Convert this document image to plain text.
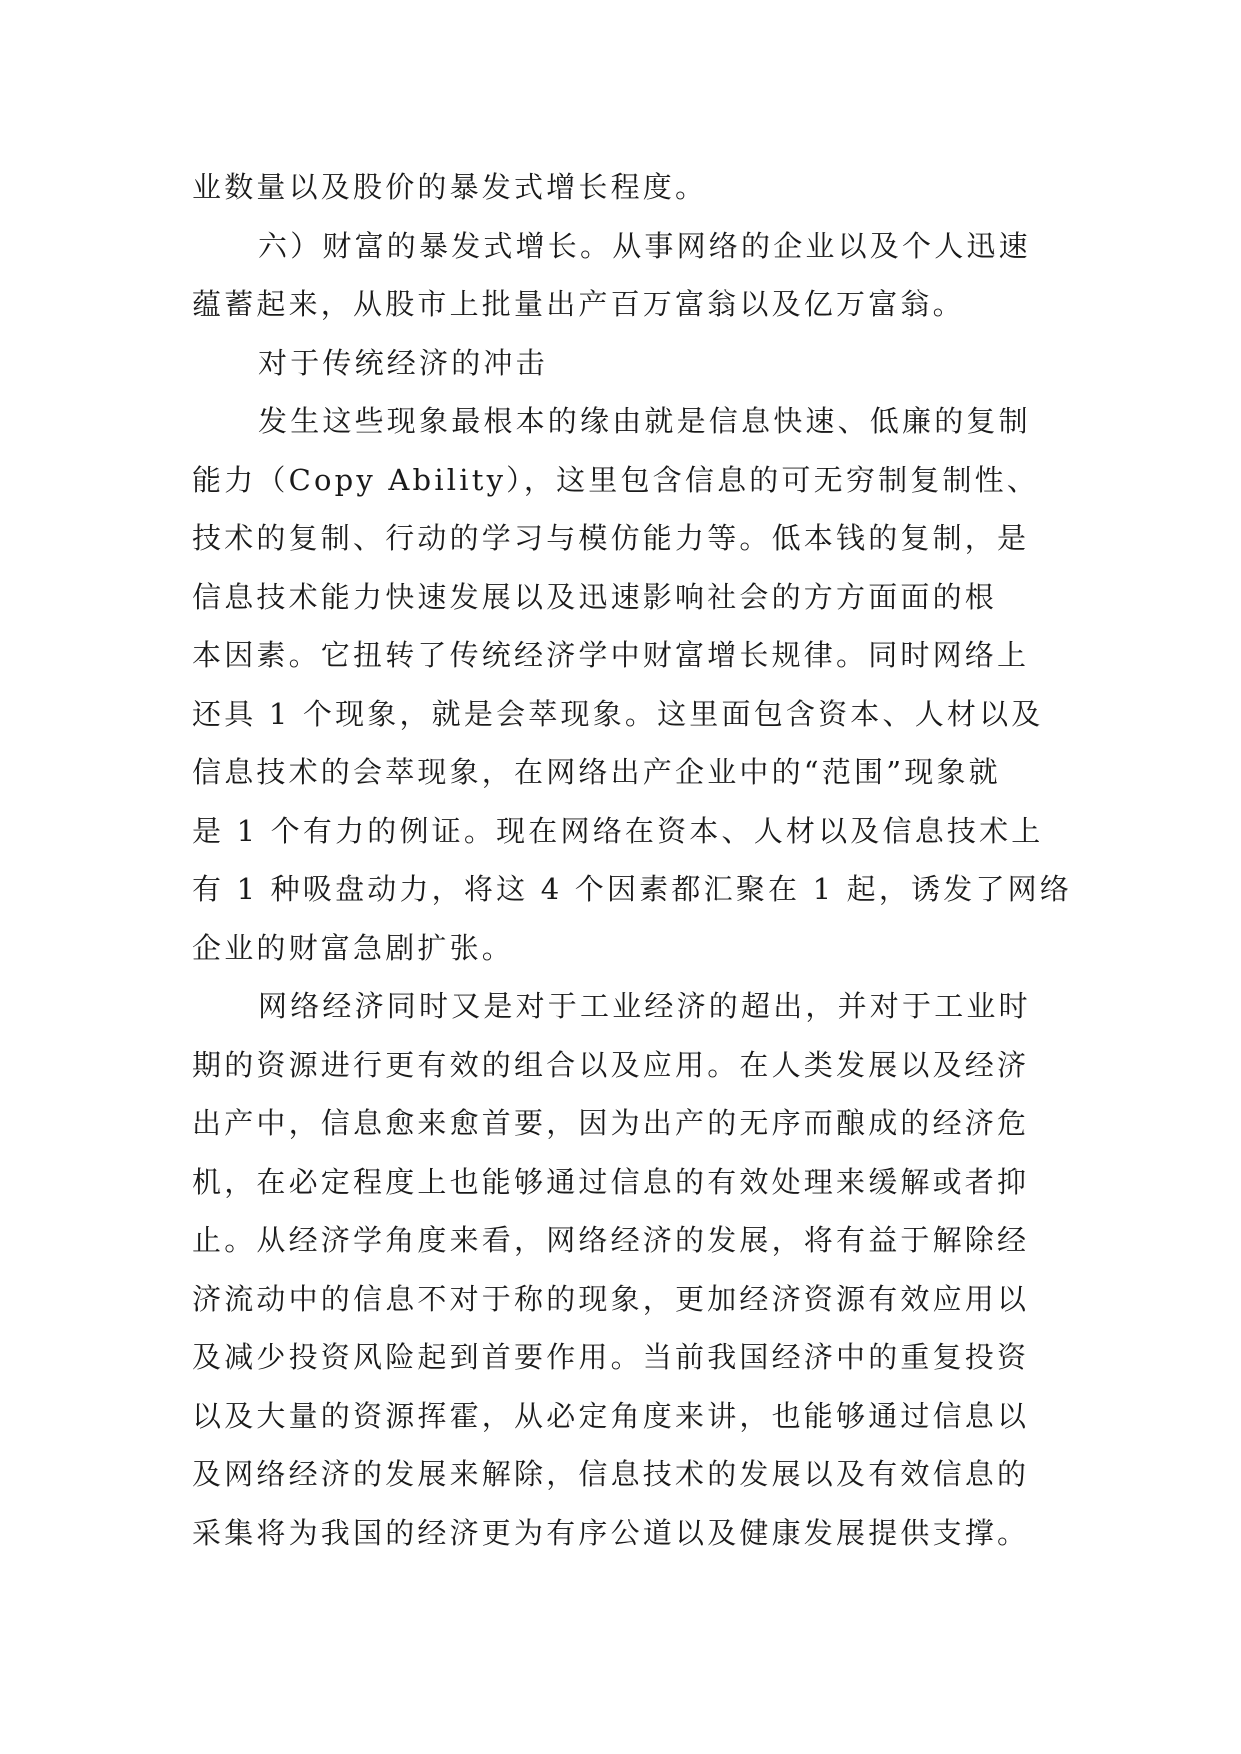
业数量以及股价的暴发式增长程度。
六）财富的暴发式增长。从事网络的企业以及个人迅速
蕴蓄起来，从股市上批量出产百万富翁以及亿万富翁。
对于传统经济的冲击
发生这些现象最根本的缘由就是信息快速、低廉的复制
能力（Copy Ability），这里包含信息的可无穷制复制性、
技术的复制、行动的学习与模仿能力等。低本钱的复制，是
信息技术能力快速发展以及迅速影响社会的方方面面的根
本因素。它扭转了传统经济学中财富增长规律。同时网络上
还具 1 个现象，就是会萃现象。这里面包含资本、人材以及
信息技术的会萃现象，在网络出产企业中的“范围”现象就
是 1 个有力的例证。现在网络在资本、人材以及信息技术上
有 1 种吸盘动力，将这 4 个因素都汇聚在 1 起，诱发了网络
企业的财富急剧扩张。
网络经济同时又是对于工业经济的超出，并对于工业时
期的资源进行更有效的组合以及应用。在人类发展以及经济
出产中，信息愈来愈首要，因为出产的无序而酿成的经济危
机，在必定程度上也能够通过信息的有效处理来缓解或者抑
止。从经济学角度来看，网络经济的发展，将有益于解除经
济流动中的信息不对于称的现象，更加经济资源有效应用以
及减少投资风险起到首要作用。当前我国经济中的重复投资
以及大量的资源挥霍，从必定角度来讲，也能够通过信息以
及网络经济的发展来解除，信息技术的发展以及有效信息的
采集将为我国的经济更为有序公道以及健康发展提供支撑。
